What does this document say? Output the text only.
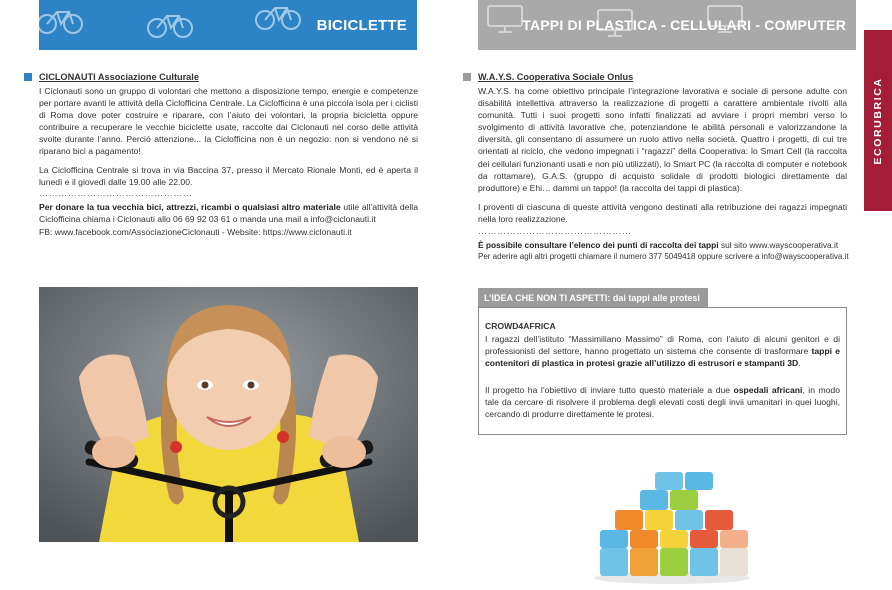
BICICLETTE	TAPPI DI PLASTICA - CELLULARI - COMPUTER
ECORUBRICA
CICLONAUTI Associazione Culturale
I Ciclonauti sono un gruppo di volontari che mettono a disposizione tempo, energie e competenze per portare avanti le attività della Ciclofficina Centrale. La Ciclofficina è una piccola isola per i ciclisti di Roma dove poter costruire e riparare, con l’aiuto dei volontari, la propria bicicletta oppure contribuire a recuperare le vecchie biciclette usate, raccolte dai Ciclonauti nel corso delle attività svolte durante l’anno. Perciò attenzione... la Ciclofficina non è un negozio: non si vendono né si riparano bici a pagamento!
La Ciclofficina Centrale si trova in via Baccina 37, presso il Mercato Rionale Monti, ed è aperta il lunedì e il giovedì dalle 19.00 alle 22.00.
…………………………………………
Per donare la tua vecchia bici, attrezzi, ricambi o qualsiasi altro materiale utile all’attività della Ciclofficina chiama i Ciclonauti allo 06 69 92 03 61 o manda una mail a info@ciclonauti.it
FB: www.facebook.com/AssociazioneCiclonauti - Website: https://www.ciclonauti.it
W.A.Y.S. Cooperativa Sociale Onlus
W.A.Y.S. ha come obiettivo principale l’integrazione lavorativa e sociale di persone adulte con disabilità intellettiva attraverso la realizzazione di progetti a carattere ambientale rivolti alla comunità. Tutti i suoi progetti sono infatti finalizzati ad avviare i propri membri verso lo svolgimento di attività lavorative che, potenziandone le abilità personali e valorizzandone la diversità, gli consentano di assumere un ruolo attivo nella società. Quattro i progetti, di cui tre orientati al riciclo, che vedono impegnati i “ragazzi” della Cooperativa: lo Smart Cell (la raccolta dei cellulari funzionanti usati e non più utilizzati), lo Smart PC (la raccolta di computer e notebook da rottamare), G.A.S. (gruppo di acquisto solidale di prodotti biologici direttamente dal produttore) e Ehi… dammi un tappo! (la raccolta dei tappi di plastica).
I proventi di ciascuna di queste attività vengono destinati alla retribuzione dei ragazzi impegnati nella loro realizzazione.
…………………………………………
È possibile consultare l’elenco dei punti di raccolta dei tappi sul sito www.wayscooperativa.it
Per aderire agli altri progetti chiamare il numero 377 5049418 oppure scrivere a info@wayscooperativa.it
L’IDEA CHE NON TI ASPETTI: dai tappi alle protesi
CROWD4AFRICA
I ragazzi dell’istituto “Massimiliano Massimo” di Roma, con l’aiuto di alcuni genitori e di professionisti del settore, hanno progettato un sistema che consente di trasformare tappi e contenitori di plastica in protesi grazie all’utilizzo di estrusori e stampanti 3D.
Il progetto ha l’obiettivo di inviare tutto questo materiale a due ospedali africani, in modo tale da cercare di risolvere il problema degli elevati costi degli invii umanitari in quei luoghi, cercando di produrre direttamente le protesi.
